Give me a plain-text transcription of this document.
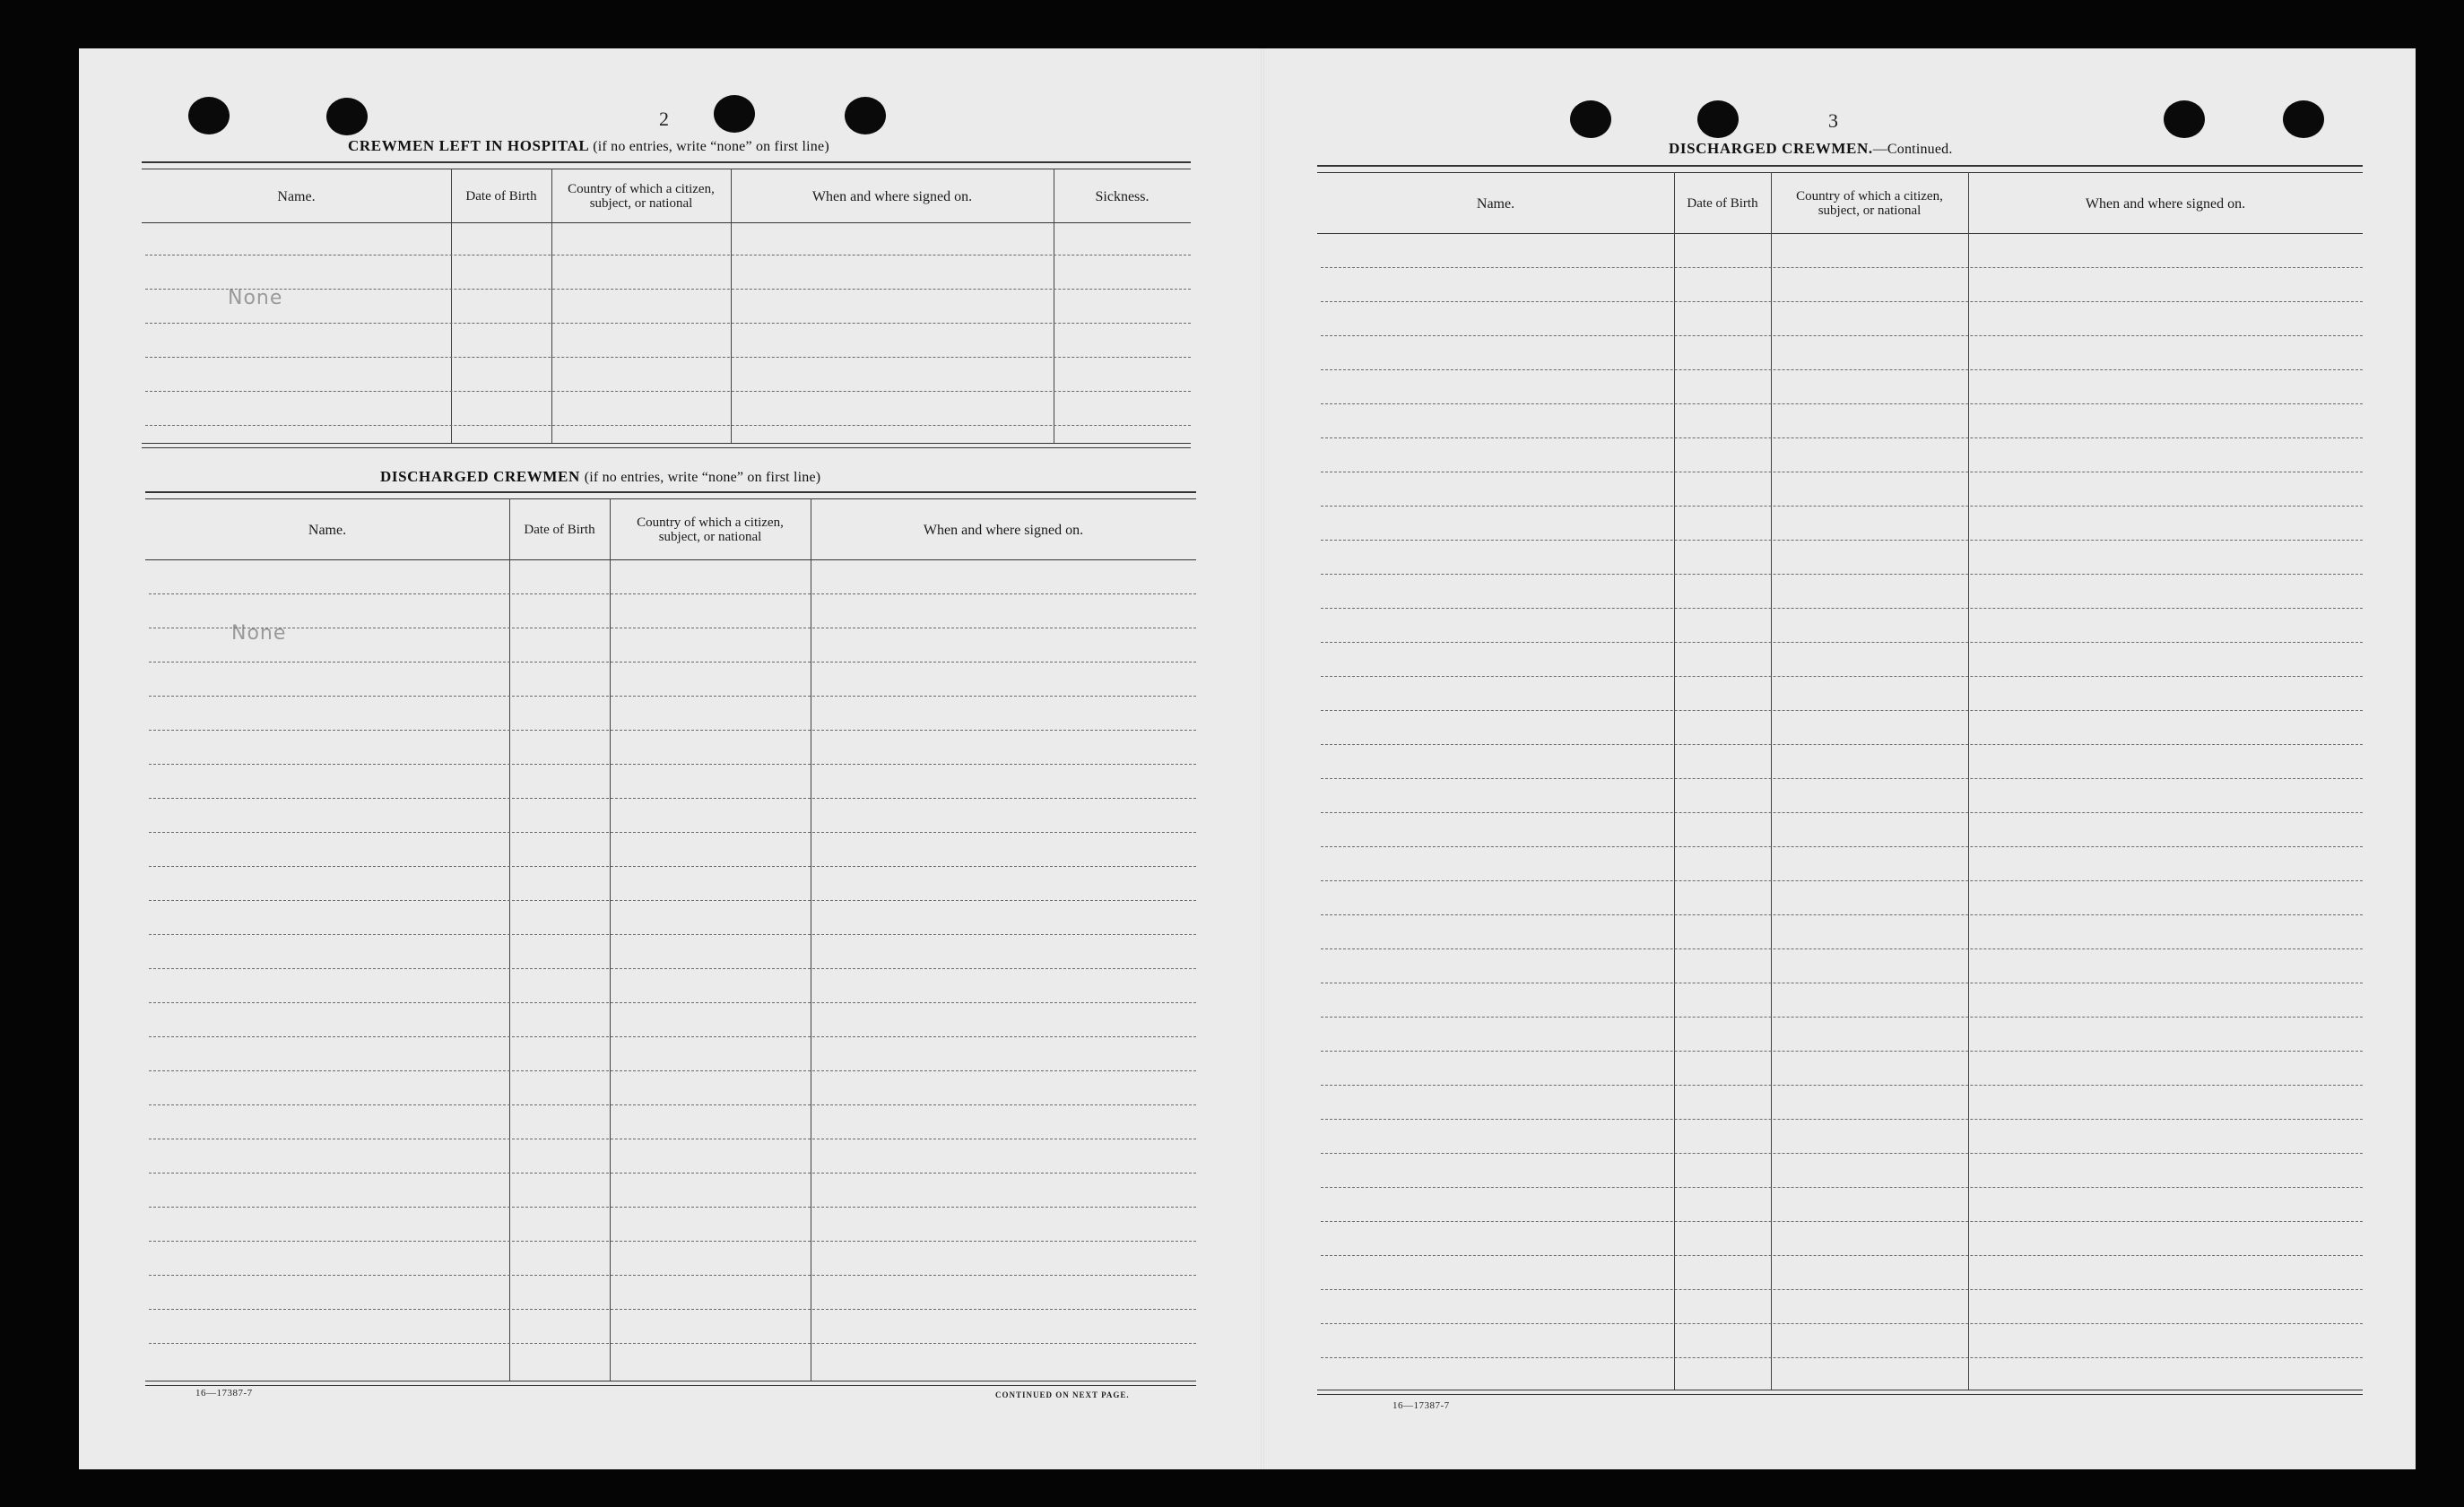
2
CREWMEN LEFT IN HOSPITAL (if no entries, write “none” on first line)
Name.	Date of Birth	Country of which a citizen, subject, or national	When and where signed on.	Sickness.
None
DISCHARGED CREWMEN (if no entries, write “none” on first line)
Name.	Date of Birth	Country of which a citizen, subject, or national	When and where signed on.
None
16—17387-7	CONTINUED ON NEXT PAGE.
3
DISCHARGED CREWMEN.—Continued.
Name.	Date of Birth	Country of which a citizen, subject, or national	When and where signed on.
16—17387-7
